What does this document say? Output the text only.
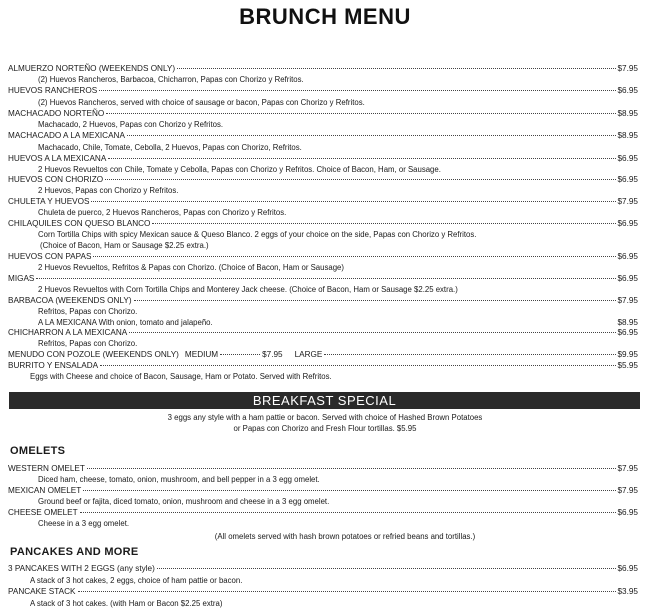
BRUNCH MENU
ALMUERZO NORTEÑO (WEEKENDS ONLY)	$7.95
(2) Huevos Rancheros, Barbacoa, Chicharron, Papas con Chorizo y Refritos.
HUEVOS RANCHEROS	$6.95
(2) Huevos Rancheros, served with choice of sausage or bacon, Papas con Chorizo y Refritos.
MACHACADO NORTEÑO	$8.95
Machacado, 2 Huevos, Papas con Chorizo y Refritos.
MACHACADO A LA MEXICANA	$8.95
Machacado, Chile, Tomate, Cebolla, 2 Huevos, Papas con Chorizo, Refritos.
HUEVOS A LA MEXICANA	$6.95
2 Huevos Revueltos con Chile, Tomate y Cebolla, Papas con Chorizo y Refritos. Choice of Bacon, Ham, or Sausage.
HUEVOS CON CHORIZO	$6.95
2 Huevos, Papas con Chorizo y Refritos.
CHULETA Y HUEVOS	$7.95
Chuleta de puerco, 2 Huevos Rancheros, Papas con Chorizo y Refritos.
CHILAQUILES CON QUESO BLANCO	$6.95
Corn Tortilla Chips with spicy Mexican sauce & Queso Blanco. 2 eggs of your choice on the side, Papas con Chorizo y Refritos.
(Choice of Bacon, Ham or Sausage $2.25 extra.)
HUEVOS CON PAPAS	$6.95
2 Huevos Revueltos, Refritos & Papas con Chorizo. (Choice of Bacon, Ham or Sausage)
MIGAS	$6.95
2 Huevos Revueltos with Corn Tortilla Chips and Monterey Jack cheese. (Choice of Bacon, Ham or Sausage $2.25 extra.)
BARBACOA (WEEKENDS ONLY)	$7.95
Refritos, Papas con Chorizo.
A LA MEXICANA With onion, tomato and jalapeño.	$8.95
CHICHARRON A LA MEXICANA	$6.95
Refritos, Papas con Chorizo.
MENUDO CON POZOLE (WEEKENDS ONLY) MEDIUM	$7.95 LARGE	$9.95
BURRITO Y ENSALADA	$5.95
Eggs with Cheese and choice of Bacon, Sausage, Ham or Potato. Served with Refritos.
BREAKFAST SPECIAL
3 eggs any style with a ham pattie or bacon. Served with choice of Hashed Brown Potatoes
or Papas con Chorizo and Fresh Flour tortillas. $5.95
OMELETS
WESTERN OMELET	$7.95
Diced ham, cheese, tomato, onion, mushroom, and bell pepper in a 3 egg omelet.
MEXICAN OMELET	$7.95
Ground beef or fajita, diced tomato, onion, mushroom and cheese in a 3 egg omelet.
CHEESE OMELET	$6.95
Cheese in a 3 egg omelet.
(All omelets served with hash brown potatoes or refried beans and tortillas.)
PANCAKES AND MORE
3 PANCAKES WITH 2 EGGS (any style)	$6.95
A stack of 3 hot cakes, 2 eggs, choice of ham pattie or bacon.
PANCAKE STACK	$3.95
A stack of 3 hot cakes. (with Ham or Bacon $2.25 extra)
